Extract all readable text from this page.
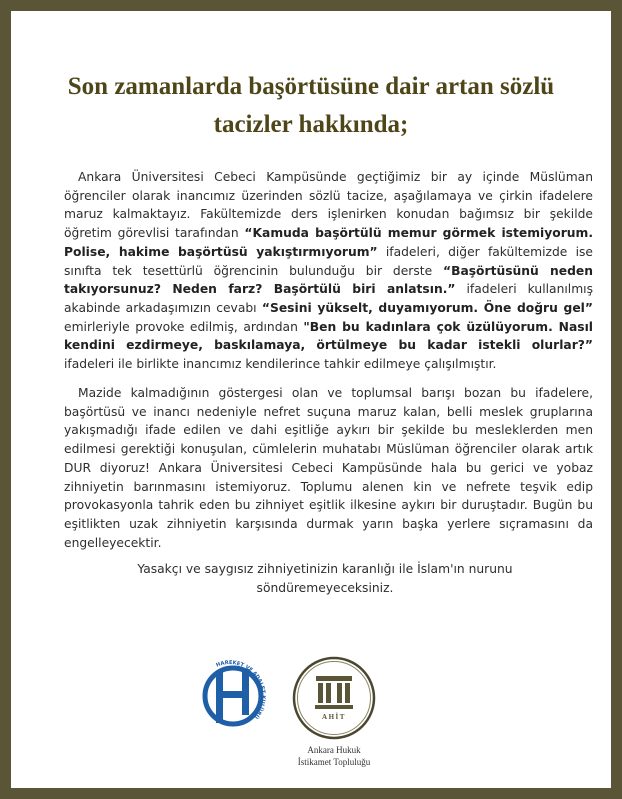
Son zamanlarda başörtüsüne dair artan sözlü tacizler hakkında;

Ankara Üniversitesi Cebeci Kampüsünde geçtiğimiz bir ay içinde Müslüman öğrenciler olarak inancımız üzerinden sözlü tacize, aşağılamaya ve çirkin ifadelere maruz kalmaktayız. Fakültemizde ders işlenirken konudan bağımsız bir şekilde öğretim görevlisi tarafından “Kamuda başörtülü memur görmek istemiyorum. Polise, hakime başörtüsü yakıştırmıyorum” ifadeleri, diğer fakültemizde ise sınıfta tek tesettürlü öğrencinin bulunduğu bir derste “Başörtüsünü neden takıyorsunuz? Neden farz? Başörtülü biri anlatsın.” ifadeleri kullanılmış akabinde arkadaşımızın cevabı “Sesini yükselt, duyamıyorum. Öne doğru gel” emirleriyle provoke edilmiş, ardından "Ben bu kadınlara çok üzülüyorum. Nasıl kendini ezdirmeye, baskılamaya, örtülmeye bu kadar istekli olurlar?” ifadeleri ile birlikte inancımız kendilerince tahkir edilmeye çalışılmıştır.

Mazide kalmadığının göstergesi olan ve toplumsal barışı bozan bu ifadelere, başörtüsü ve inancı nedeniyle nefret suçuna maruz kalan, belli meslek gruplarına yakışmadığı ifade edilen ve dahi eşitliğe aykırı bir şekilde bu mesleklerden men edilmesi gerektiği konuşulan, cümlelerin muhatabı Müslüman öğrenciler olarak artık DUR diyoruz! Ankara Üniversitesi Cebeci Kampüsünde hala bu gerici ve yobaz zihniyetin barınmasını istemiyoruz. Toplumu alenen kin ve nefrete teşvik edip provokasyonla tahrik eden bu zihniyet eşitlik ilkesine aykırı bir duruştadır. Bugün bu eşitlikten uzak zihniyetin karşısında durmak yarın başka yerlere sıçramasını da engelleyecektir.

Yasakçı ve saygısız zihniyetinizin karanlığı ile İslam'ın nurunu söndüremeyeceksiniz.

HAREKET VE ADALET KULÜBÜ	AHİT
Ankara Hukuk
İstikamet Topluluğu
